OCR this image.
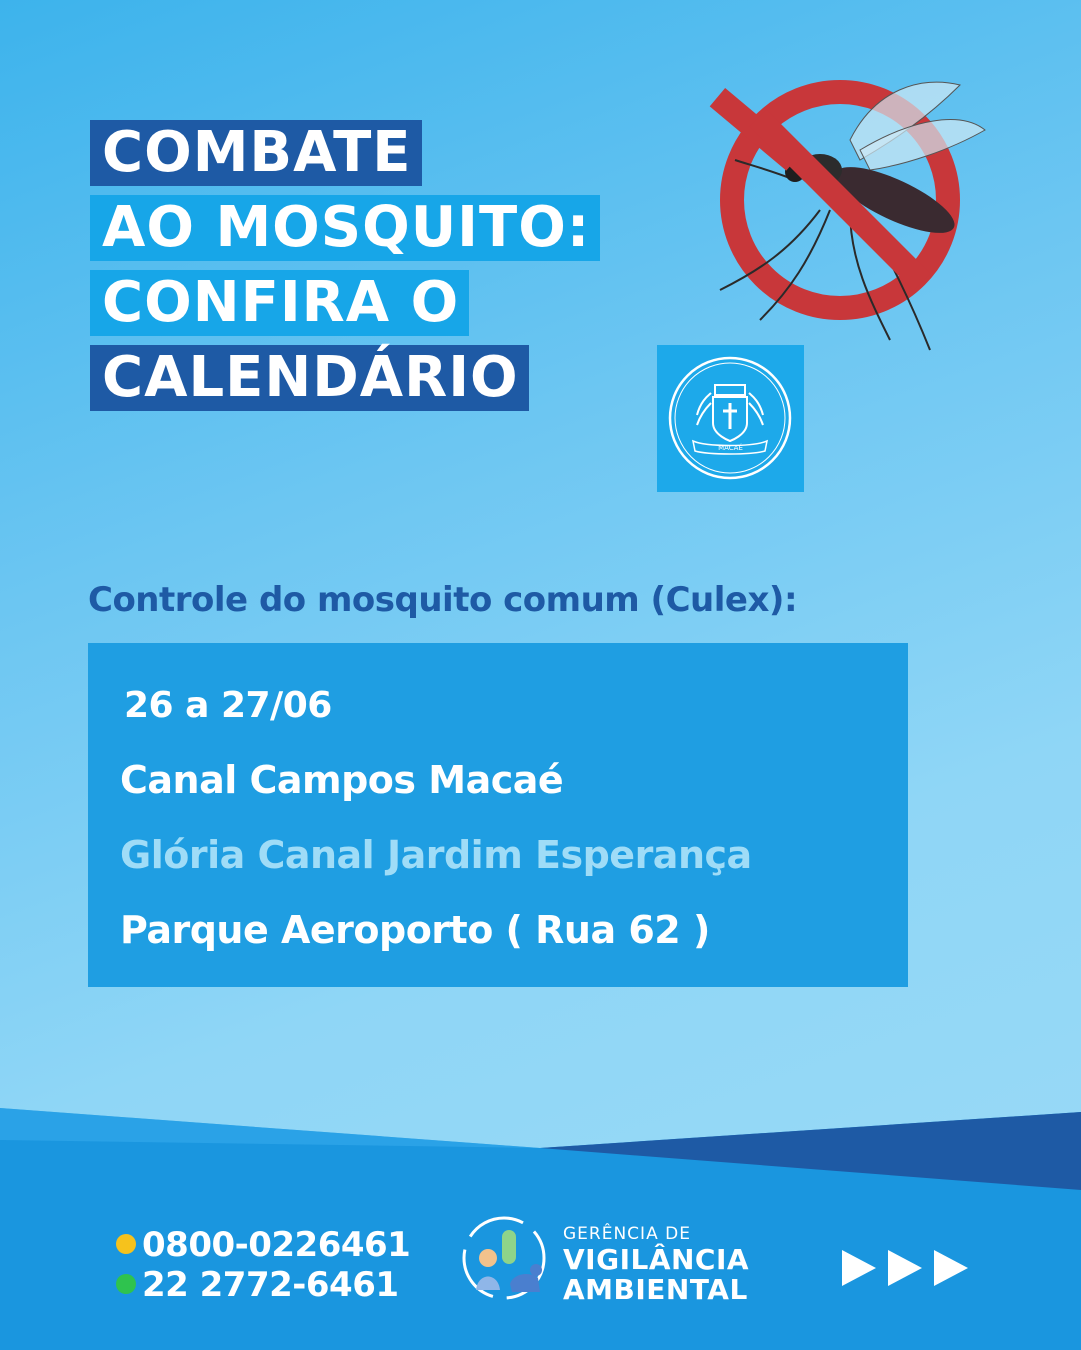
COMBATE
AO MOSQUITO:
CONFIRA O
CALENDÁRIO
MACAÉ
Controle do mosquito comum (Culex):
26 a 27/06
Canal Campos Macaé
Glória Canal Jardim Esperança
Parque Aeroporto ( Rua 62 )
0800-0226461
22 2772-6461
GERÊNCIA DE
VIGILÂNCIA
AMBIENTAL
